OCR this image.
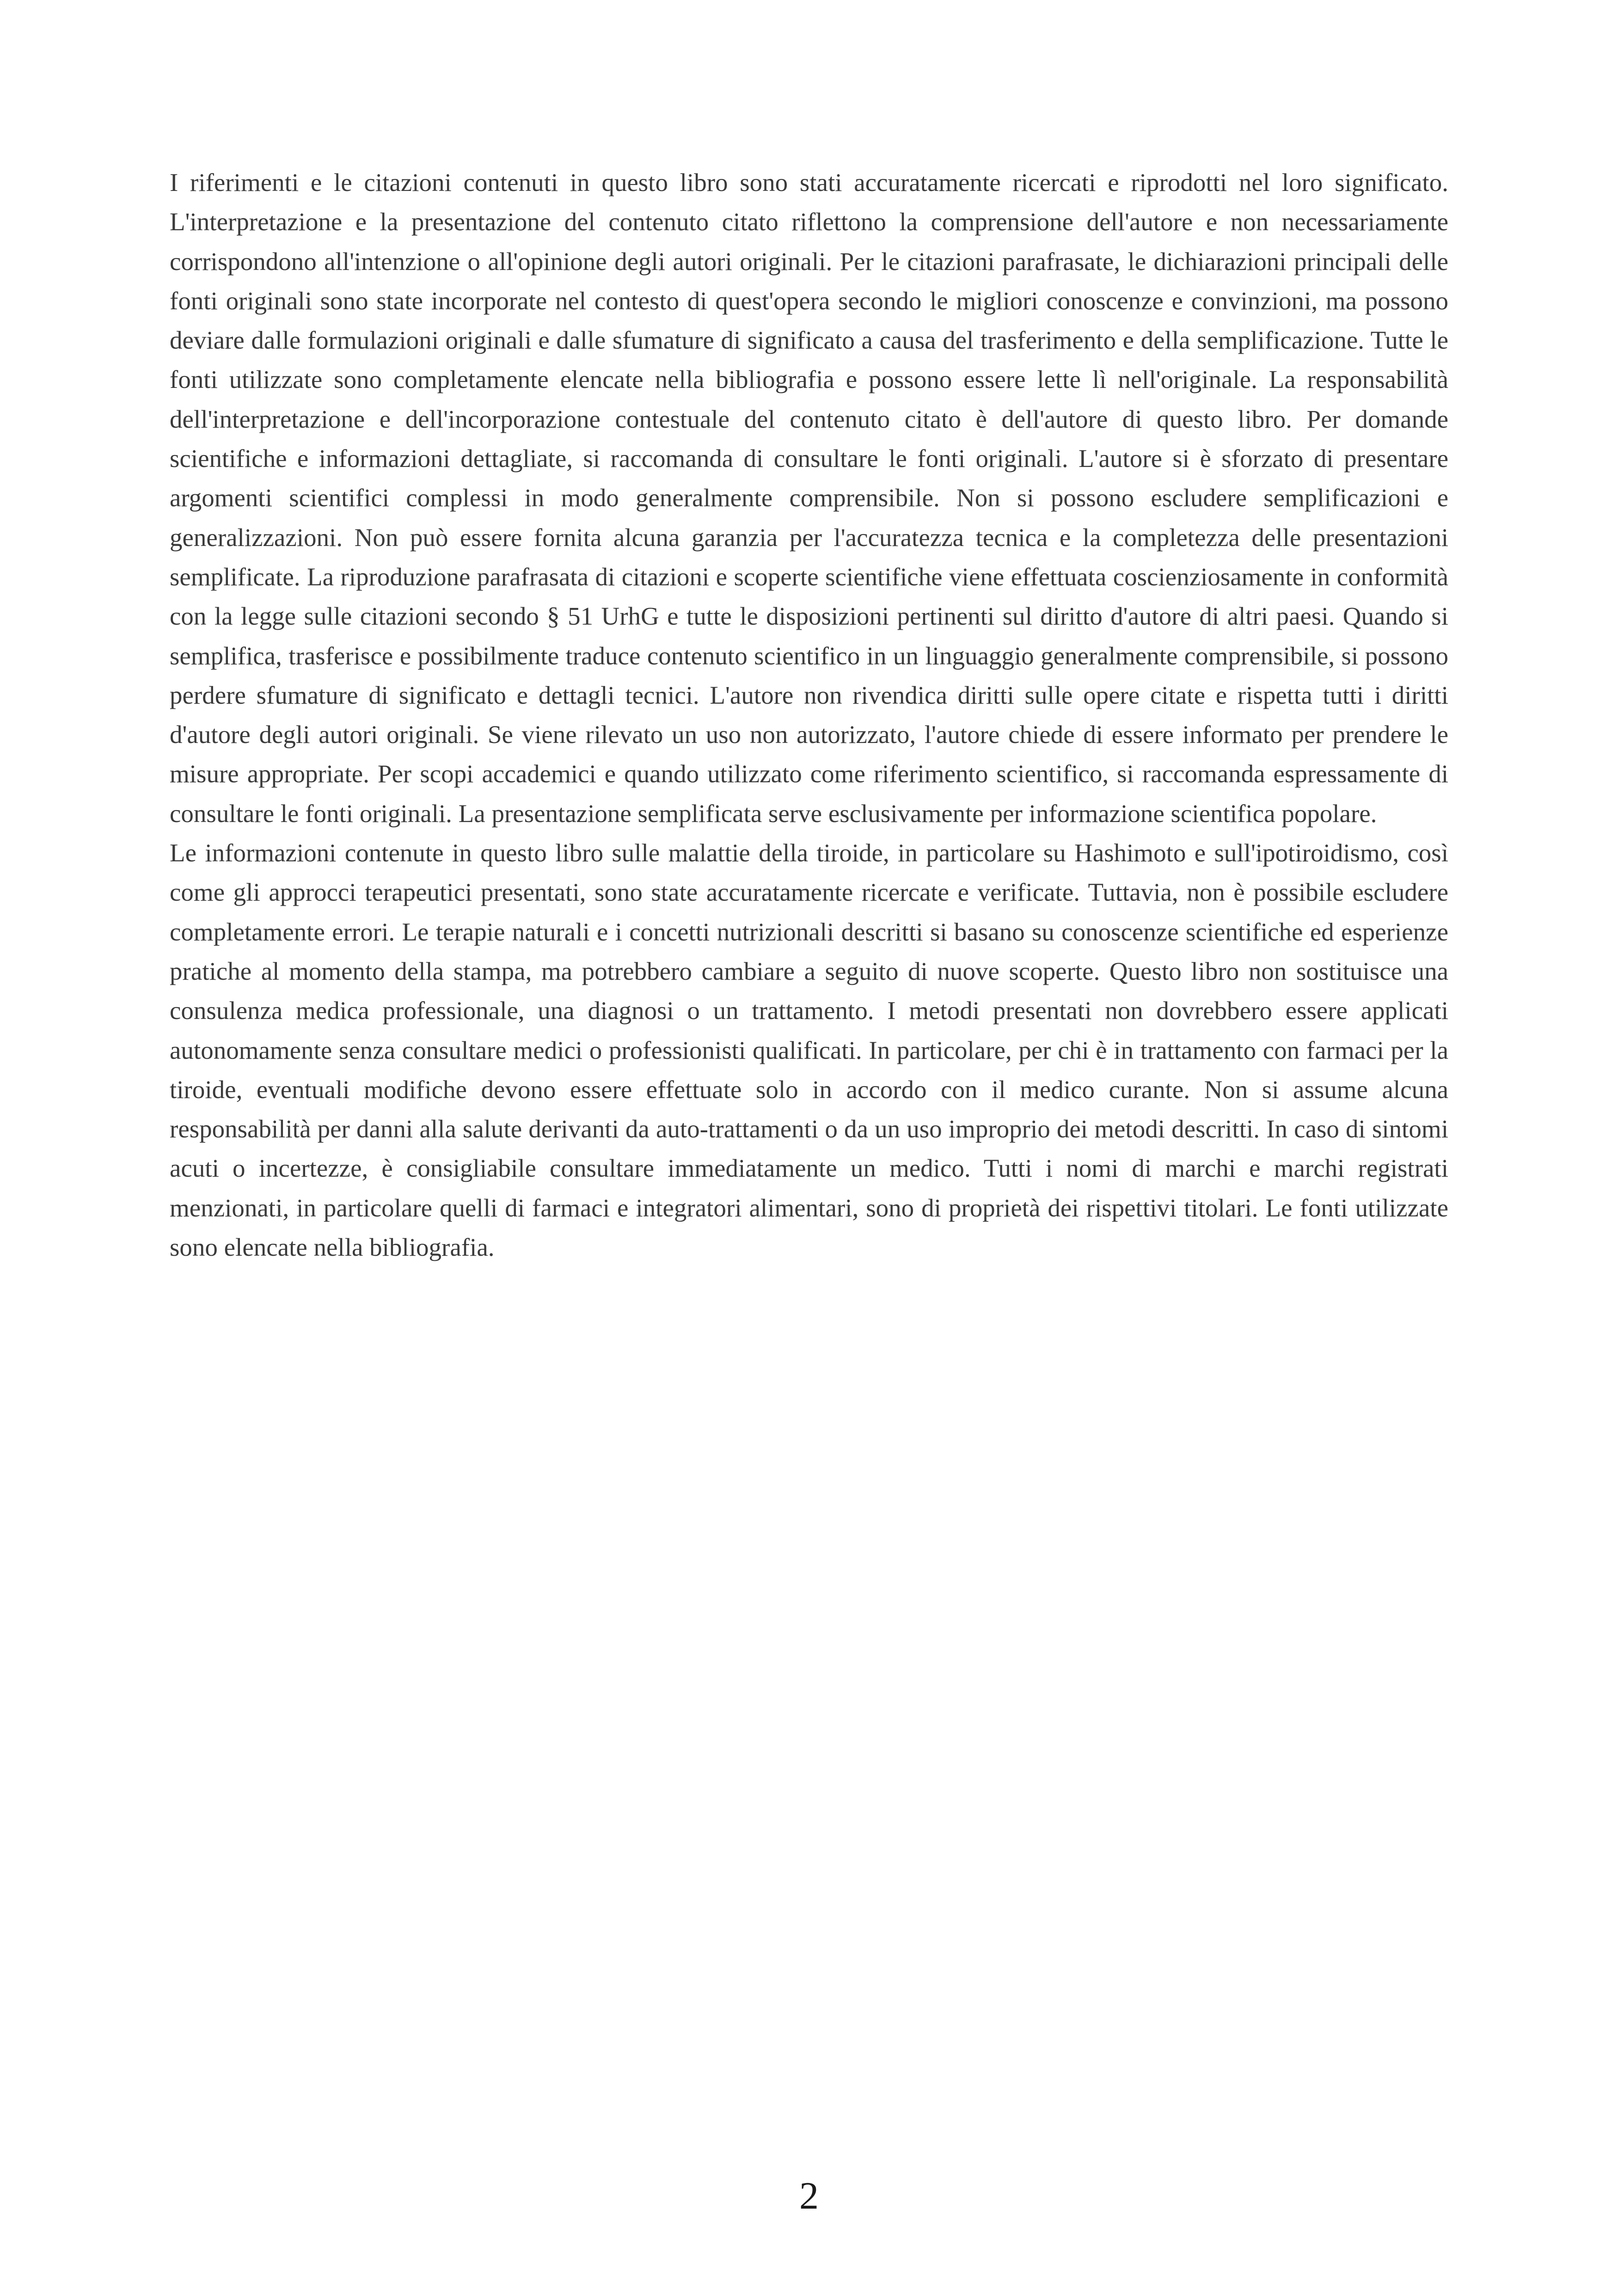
I riferimenti e le citazioni contenuti in questo libro sono stati accuratamente ricercati e riprodotti nel loro significato. L'interpretazione e la presentazione del contenuto citato riflettono la comprensione dell'autore e non necessariamente corrispondono all'intenzione o all'opinione degli autori originali. Per le citazioni parafrasate, le dichiarazioni principali delle fonti originali sono state incorporate nel contesto di quest'opera secondo le migliori conoscenze e convinzioni, ma possono deviare dalle formulazioni originali e dalle sfumature di significato a causa del trasferimento e della semplificazione. Tutte le fonti utilizzate sono completamente elencate nella bibliografia e possono essere lette lì nell'originale. La responsabilità dell'interpretazione e dell'incorporazione contestuale del contenuto citato è dell'autore di questo libro. Per domande scientifiche e informazioni dettagliate, si raccomanda di consultare le fonti originali. L'autore si è sforzato di presentare argomenti scientifici complessi in modo generalmente comprensibile. Non si possono escludere semplificazioni e generalizzazioni. Non può essere fornita alcuna garanzia per l'accuratezza tecnica e la completezza delle presentazioni semplificate. La riproduzione parafrasata di citazioni e scoperte scientifiche viene effettuata coscienziosamente in conformità con la legge sulle citazioni secondo § 51 UrhG e tutte le disposizioni pertinenti sul diritto d'autore di altri paesi. Quando si semplifica, trasferisce e possibilmente traduce contenuto scientifico in un linguaggio generalmente comprensibile, si possono perdere sfumature di significato e dettagli tecnici. L'autore non rivendica diritti sulle opere citate e rispetta tutti i diritti d'autore degli autori originali. Se viene rilevato un uso non autorizzato, l'autore chiede di essere informato per prendere le misure appropriate. Per scopi accademici e quando utilizzato come riferimento scientifico, si raccomanda espressamente di consultare le fonti originali. La presentazione semplificata serve esclusivamente per informazione scientifica popolare.

Le informazioni contenute in questo libro sulle malattie della tiroide, in particolare su Hashimoto e sull'ipotiroidismo, così come gli approcci terapeutici presentati, sono state accuratamente ricercate e verificate. Tuttavia, non è possibile escludere completamente errori. Le terapie naturali e i concetti nutrizionali descritti si basano su conoscenze scientifiche ed esperienze pratiche al momento della stampa, ma potrebbero cambiare a seguito di nuove scoperte. Questo libro non sostituisce una consulenza medica professionale, una diagnosi o un trattamento. I metodi presentati non dovrebbero essere applicati autonomamente senza consultare medici o professionisti qualificati. In particolare, per chi è in trattamento con farmaci per la tiroide, eventuali modifiche devono essere effettuate solo in accordo con il medico curante. Non si assume alcuna responsabilità per danni alla salute derivanti da auto-trattamenti o da un uso improprio dei metodi descritti. In caso di sintomi acuti o incertezze, è consigliabile consultare immediatamente un medico. Tutti i nomi di marchi e marchi registrati menzionati, in particolare quelli di farmaci e integratori alimentari, sono di proprietà dei rispettivi titolari. Le fonti utilizzate sono elencate nella bibliografia.

2
